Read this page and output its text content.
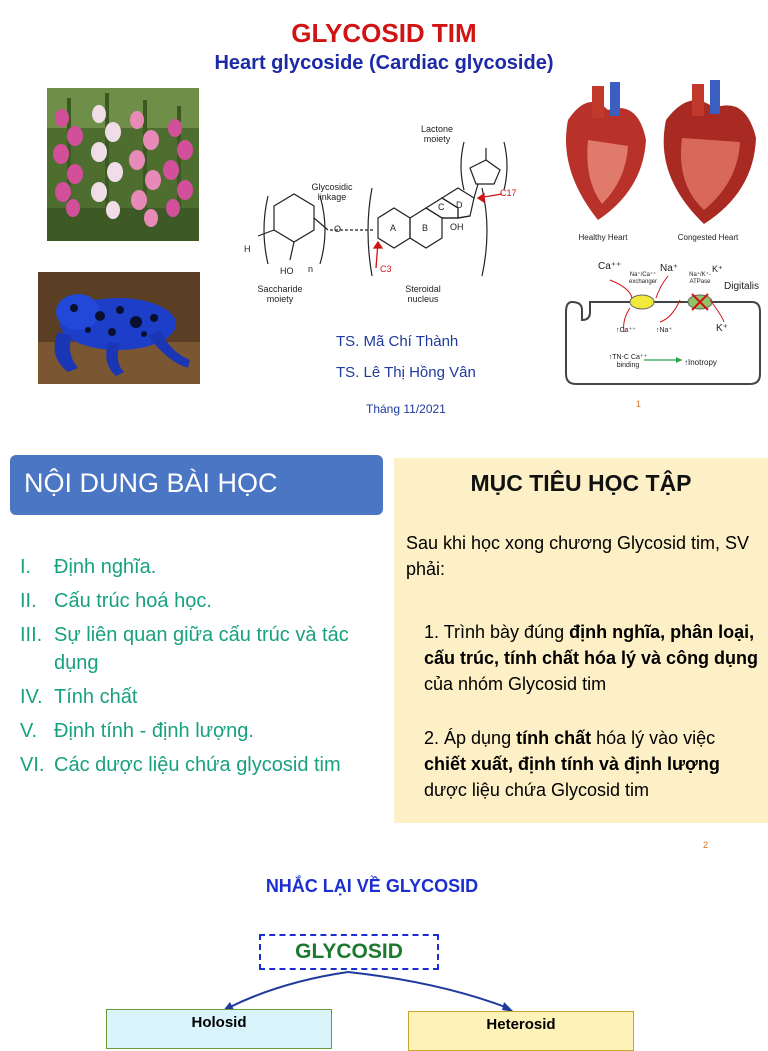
GLYCOSID TIM
Heart glycoside (Cardiac glycoside)
Lactone moiety
Glycosidic linkage	C17
C3
Saccharide moiety
Steroidal nucleus
A	B
C D
OH
HO
H
O
n
Healthy Heart	Congested Heart
Ca⁺⁺	Na⁺	K⁺
Na⁺/Ca⁺⁺ exchanger
Na⁺/K⁺- ATPase	Digitalis
↑Ca⁺⁺	↑Na⁺	K⁺
↑TN-C Ca⁺⁺ binding	↑Inotropy
TS. Mã Chí Thành
TS. Lê Thị Hồng Vân
Tháng 11/2021	1
NỘI DUNG BÀI HỌC
I.	Định nghĩa.
II. Cấu trúc hoá học.
III. Sự liên quan giữa cấu trúc và tác dụng
IV. Tính chất
V. Định tính - định lượng.
VI. Các dược liệu chứa glycosid tim
MỤC TIÊU HỌC TẬP
Sau khi học xong chương Glycosid tim, SV phải:
1. Trình bày đúng định nghĩa, phân loại, cấu trúc, tính chất hóa lý và công dụng của nhóm Glycosid tim
2. Áp dụng tính chất hóa lý vào việc chiết xuất, định tính và định lượng dược liệu chứa Glycosid tim
2
NHẮC LẠI VỀ GLYCOSID
GLYCOSID
Holosid	Heterosid
